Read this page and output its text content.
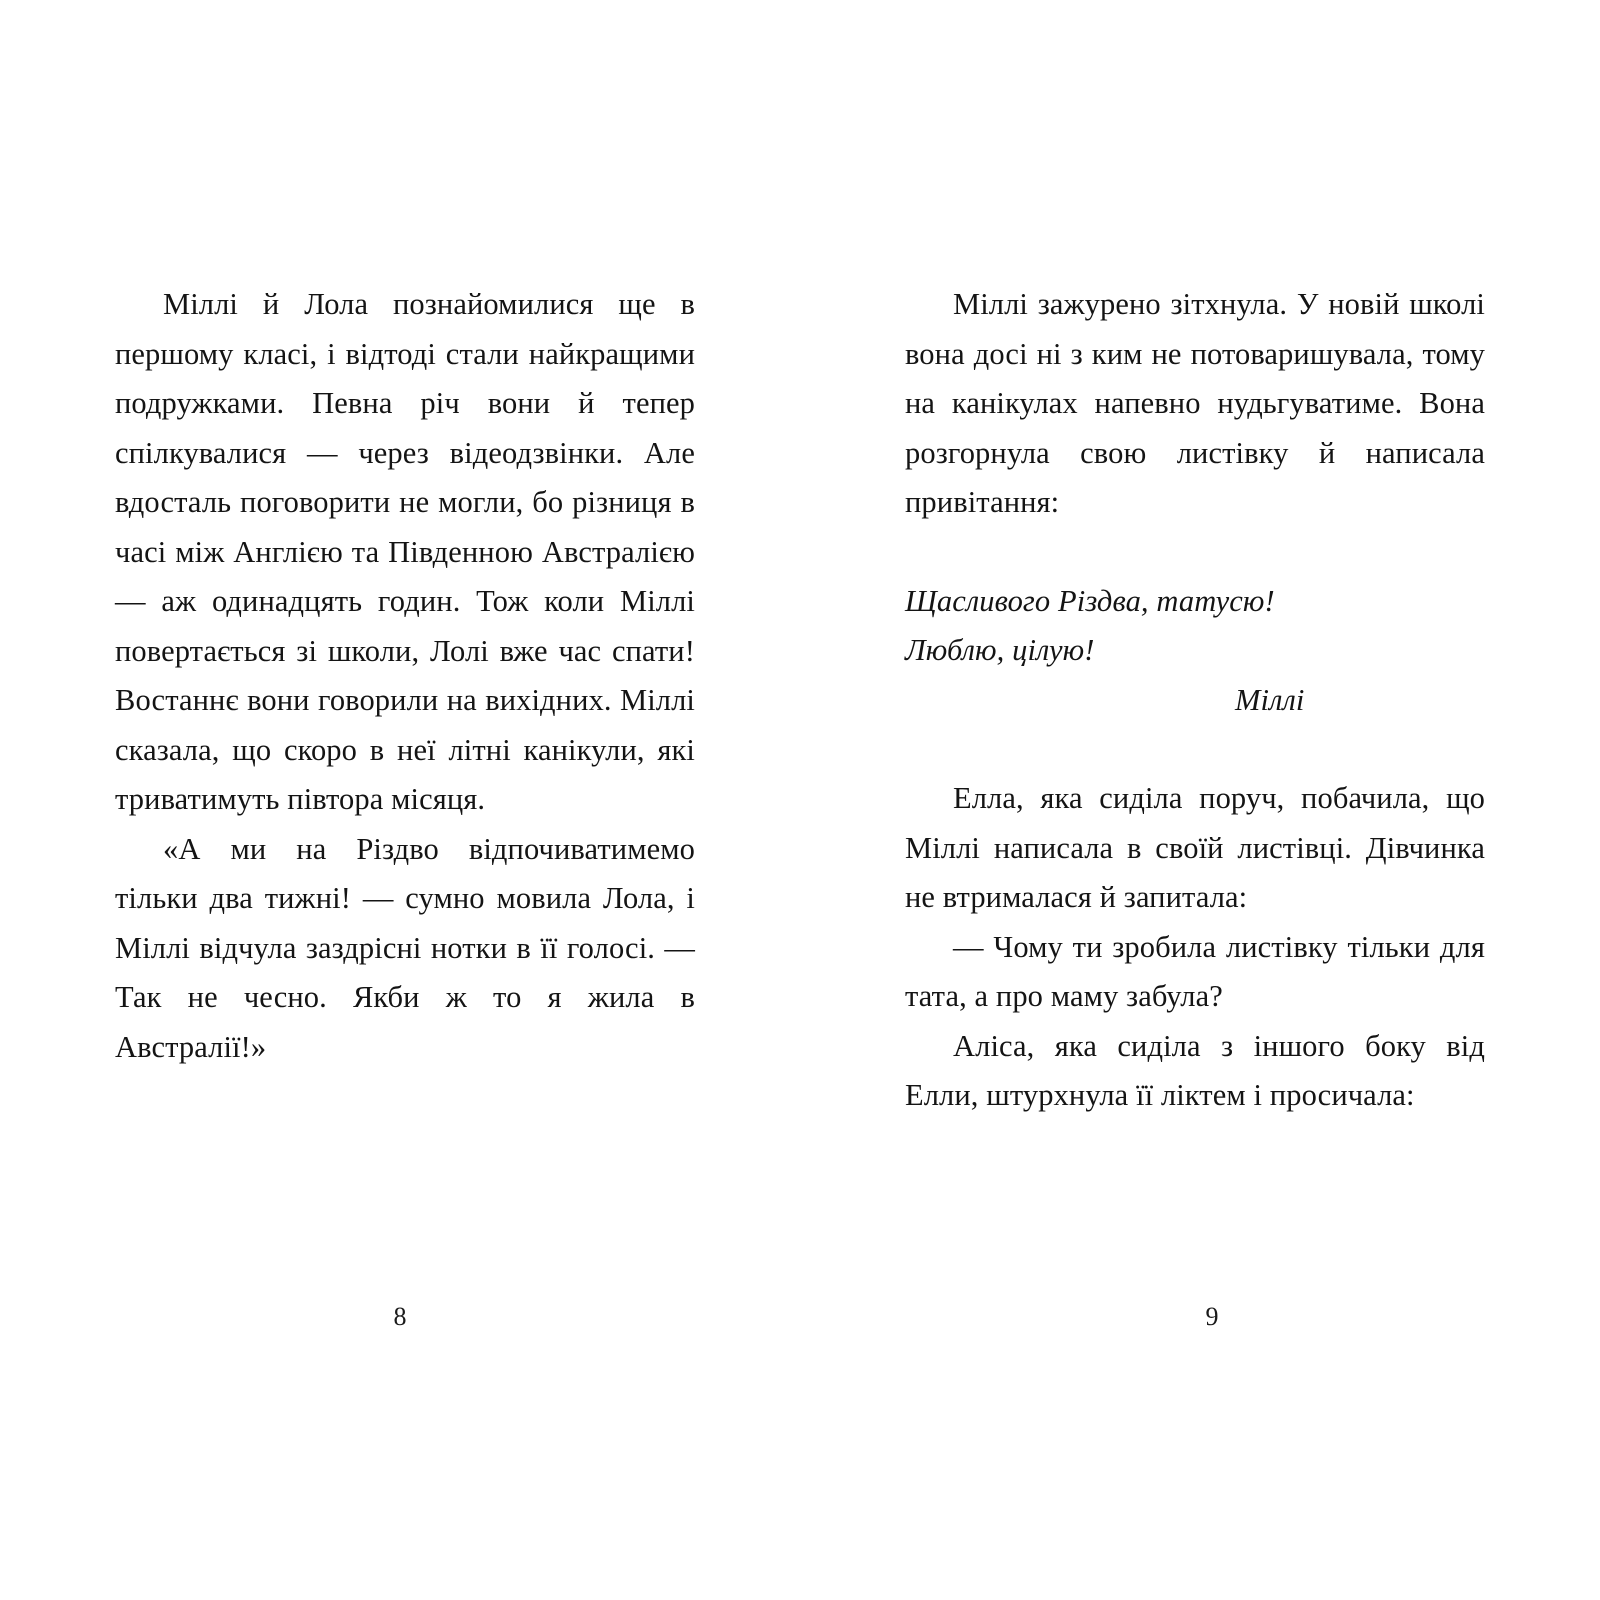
Міллі й Лола познайомилися ще в першому класі, і відтоді стали найкращими подружками. Певна річ вони й тепер спілкувалися — через відеодзвінки. Але вдосталь поговорити не могли, бо різниця в часі між Англією та Південною Австралією — аж одинадцять годин. Тож коли Міллі повертається зі школи, Лолі вже час спати! Востаннє вони говорили на вихідних. Міллі сказала, що скоро в неї літні канікули, які триватимуть півтора місяця.

«А ми на Різдво відпочиватимемо тільки два тижні! — сумно мовила Лола, і Міллі відчула заздрісні нотки в її голосі. — Так не чесно. Якби ж то я жила в Австралії!»

8

Міллі зажурено зітхнула. У новій школі вона досі ні з ким не потоваришувала, тому на канікулах напевно нудьгуватиме. Вона розгорнула свою листівку й написала привітання:

Щасливого Різдва, татусю!
Люблю, цілую!
Міллі

Елла, яка сиділа поруч, побачила, що Міллі написала в своїй листівці. Дівчинка не втрималася й запитала:

— Чому ти зробила листівку тільки для тата, а про маму забула?

Аліса, яка сиділа з іншого боку від Елли, штурхнула її ліктем і просичала:

9
